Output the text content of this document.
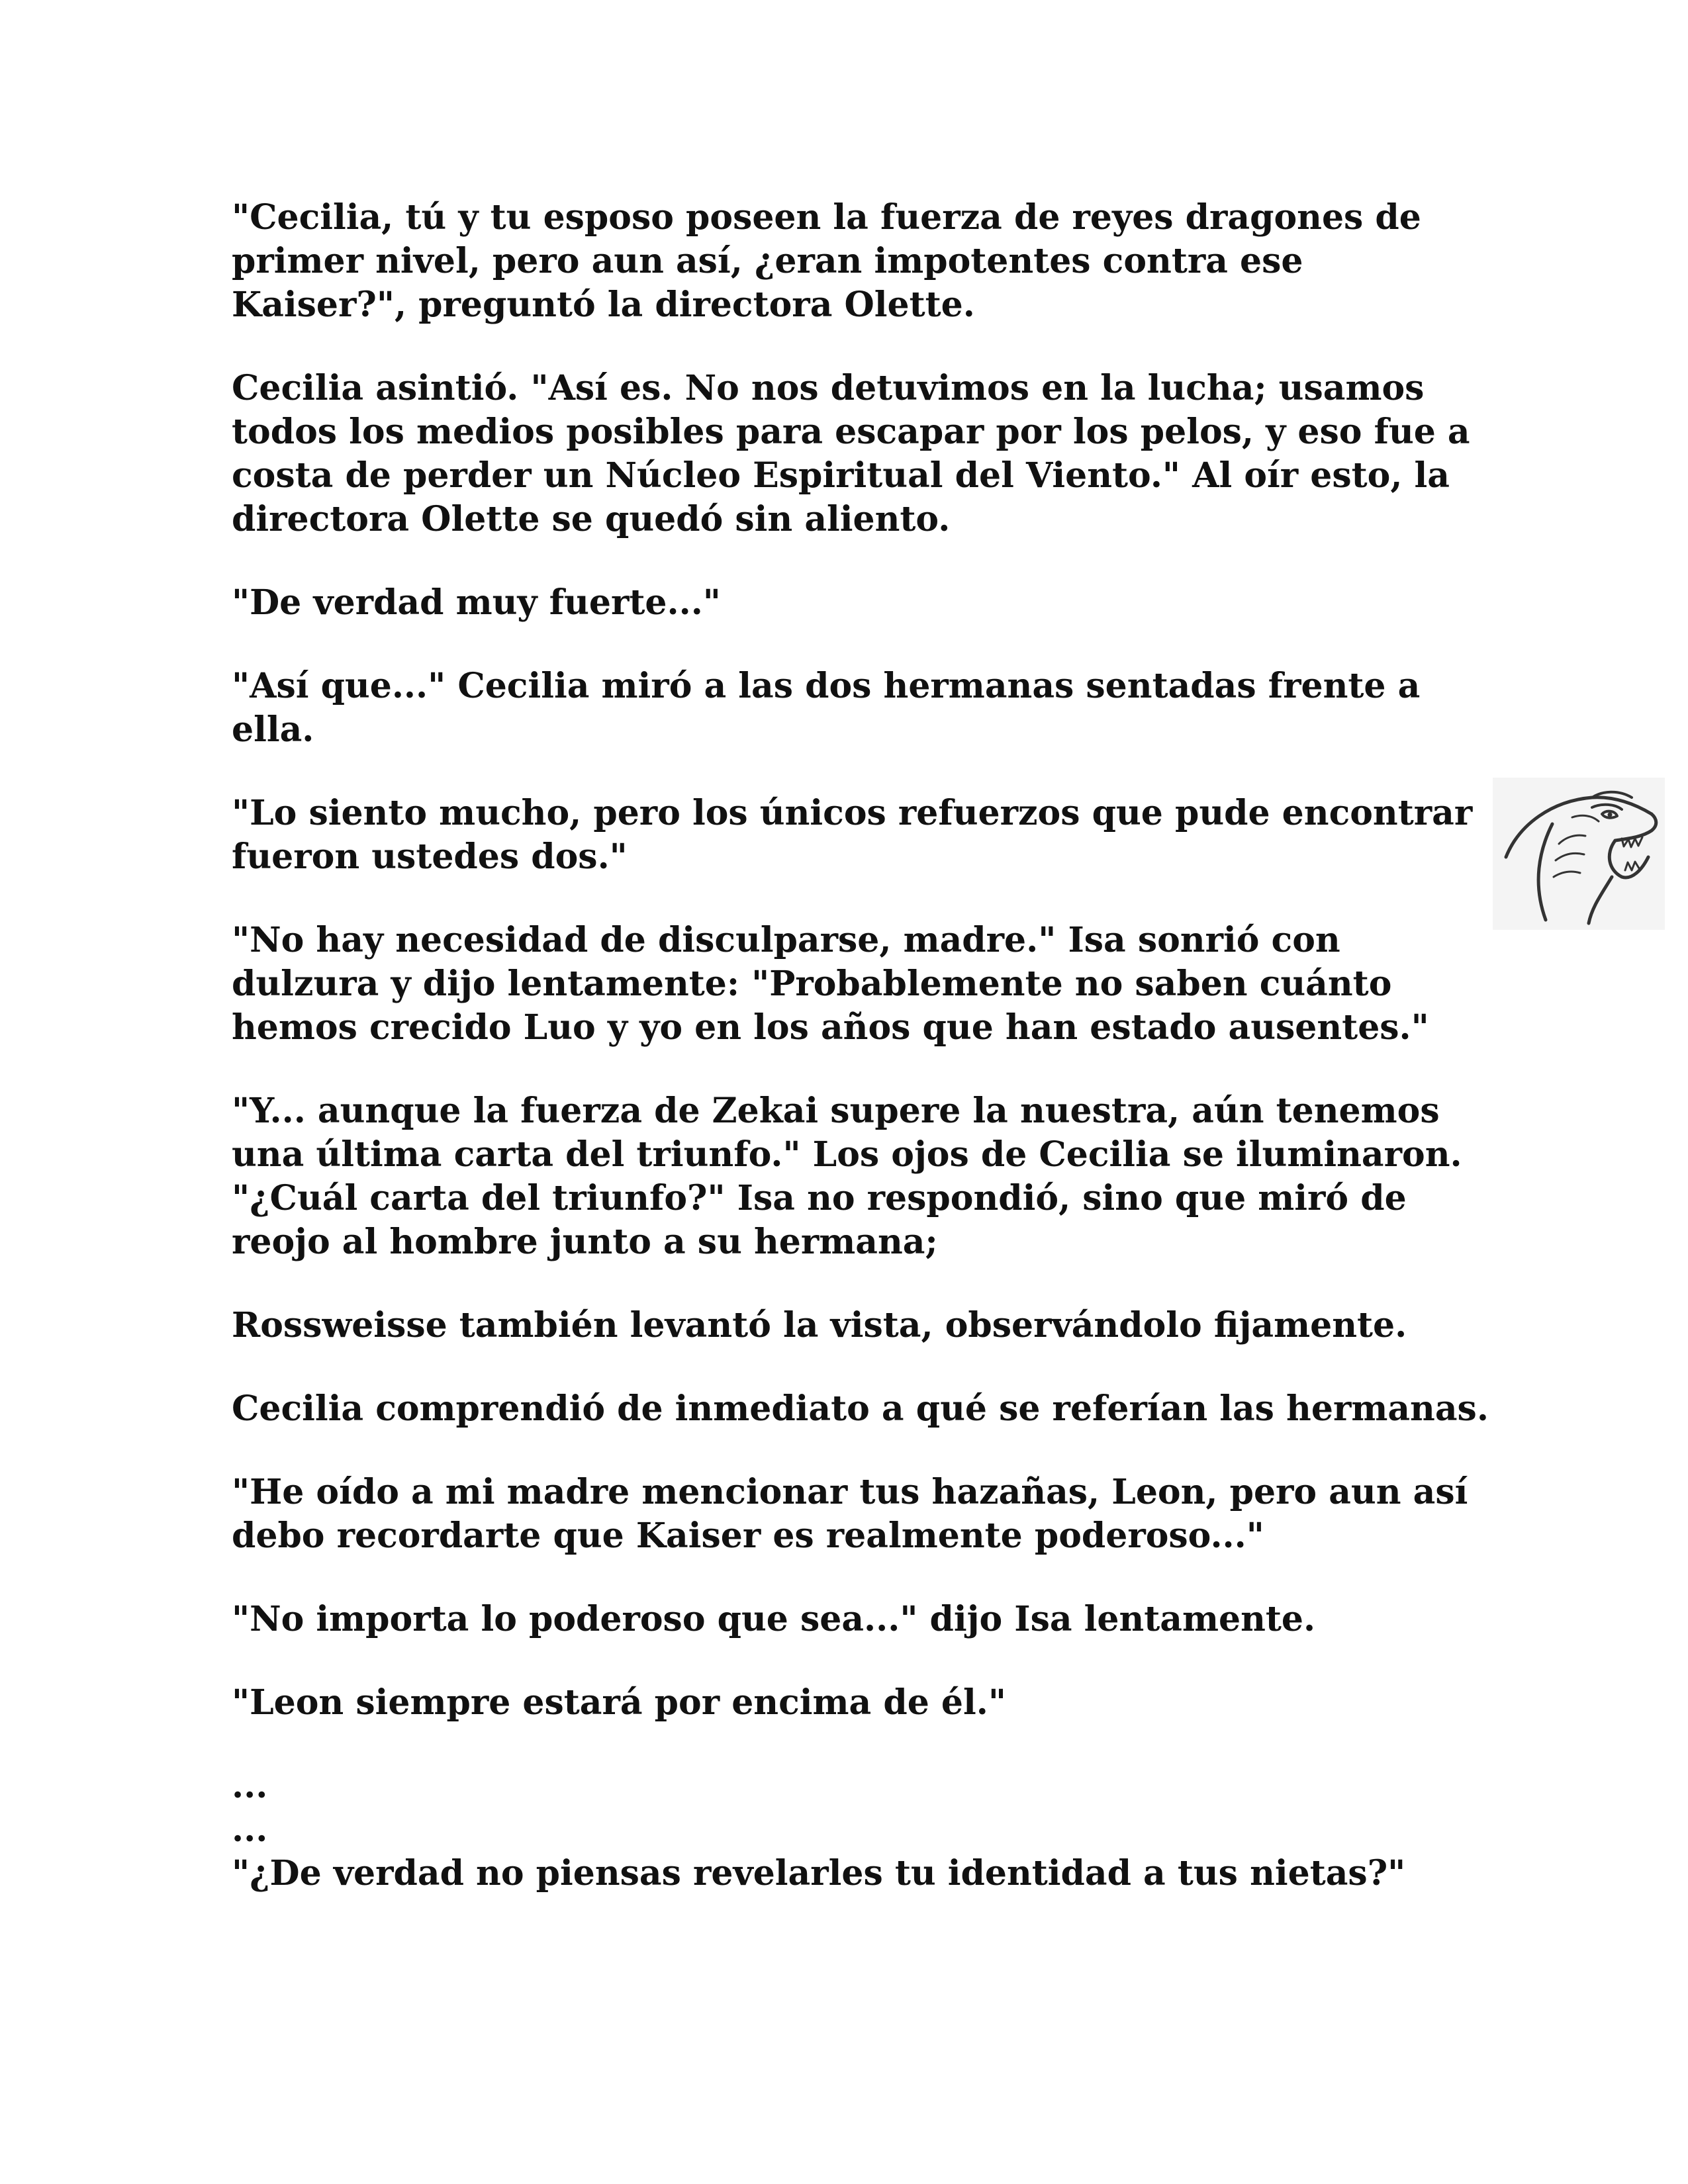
"Cecilia, tú y tu esposo poseen la fuerza de reyes dragones de primer nivel, pero aun así, ¿eran impotentes contra ese Kaiser?", preguntó la directora Olette.

Cecilia asintió. "Así es. No nos detuvimos en la lucha; usamos todos los medios posibles para escapar por los pelos, y eso fue a costa de perder un Núcleo Espiritual del Viento." Al oír esto, la directora Olette se quedó sin aliento.

"De verdad muy fuerte..."

"Así que..." Cecilia miró a las dos hermanas sentadas frente a ella.

"Lo siento mucho, pero los únicos refuerzos que pude encontrar fueron ustedes dos."

"No hay necesidad de disculparse, madre." Isa sonrió con dulzura y dijo lentamente: "Probablemente no saben cuánto hemos crecido Luo y yo en los años que han estado ausentes."

"Y... aunque la fuerza de Zekai supere la nuestra, aún tenemos una última carta del triunfo." Los ojos de Cecilia se iluminaron. "¿Cuál carta del triunfo?" Isa no respondió, sino que miró de reojo al hombre junto a su hermana;

Rossweisse también levantó la vista, observándolo fijamente.

Cecilia comprendió de inmediato a qué se referían las hermanas.

"He oído a mi madre mencionar tus hazañas, Leon, pero aun así debo recordarte que Kaiser es realmente poderoso..."

"No importa lo poderoso que sea..." dijo Isa lentamente.

"Leon siempre estará por encima de él."

...

...

"¿De verdad no piensas revelarles tu identidad a tus nietas?"
